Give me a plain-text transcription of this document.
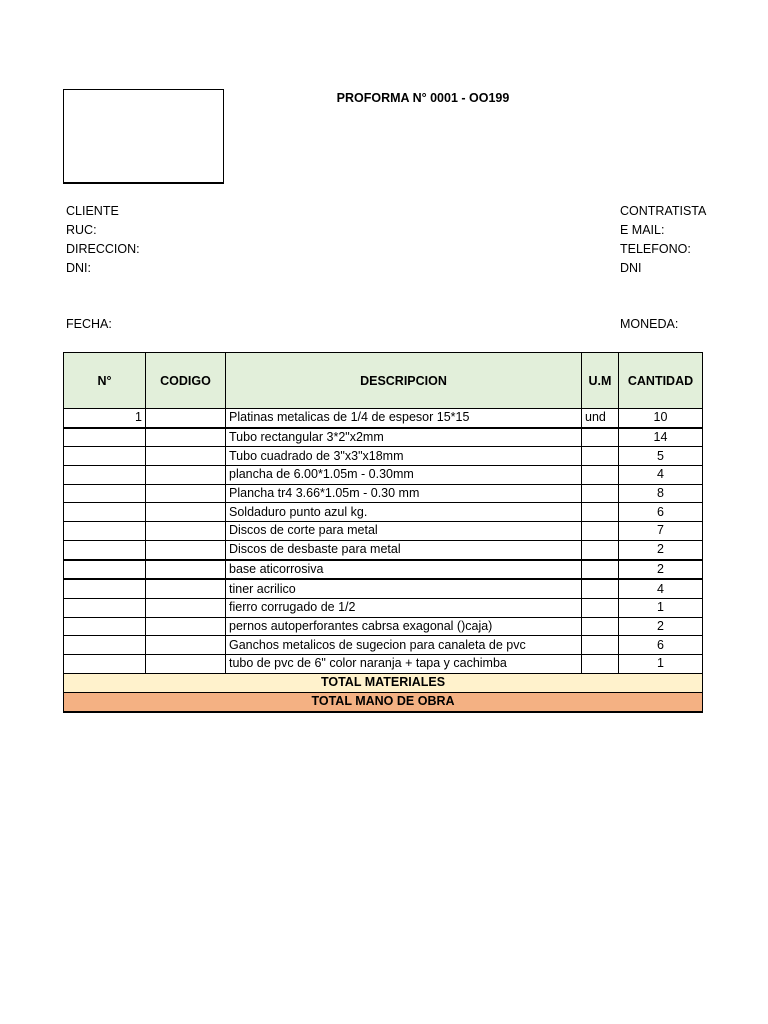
PROFORMA N° 0001 - OO199
CLIENTE
RUC:
DIRECCION:
DNI:
CONTRATISTA
E MAIL:
TELEFONO:
DNI
FECHA:	MONEDA:
N°	CODIGO	DESCRIPCION	U.M	CANTIDAD
1		Platinas metalicas de 1/4 de espesor 15*15	und	10
		Tubo rectangular 3*2"x2mm		14
		Tubo cuadrado de 3"x3"x18mm		5
		plancha de 6.00*1.05m - 0.30mm		4
		Plancha tr4 3.66*1.05m - 0.30 mm		8
		Soldaduro punto azul kg.		6
		Discos de corte para metal		7
		Discos de desbaste para metal		2
		base aticorrosiva		2
		tiner acrilico		4
		fierro corrugado de 1/2		1
		pernos autoperforantes cabrsa exagonal ()caja)		2
		Ganchos metalicos de sugecion para canaleta de pvc		6
		tubo de pvc de 6" color naranja + tapa y cachimba		1
TOTAL MATERIALES				
TOTAL MANO DE OBRA				
